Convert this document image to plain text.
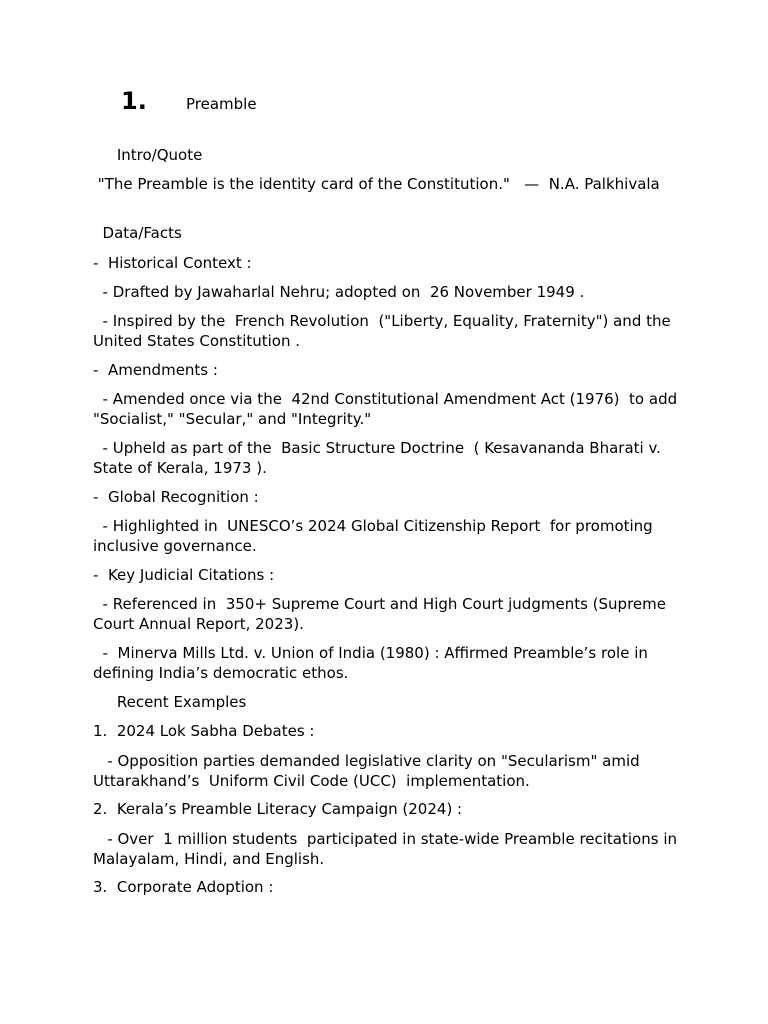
1.	Preamble

Intro/Quote

"The Preamble is the identity card of the Constitution."   —  N.A. Palkhivala

Data/Facts

-  Historical Context :

- Drafted by Jawaharlal Nehru; adopted on  26 November 1949 .

- Inspired by the  French Revolution  ("Liberty, Equality, Fraternity") and the  United States Constitution .

-  Amendments :

- Amended once via the  42nd Constitutional Amendment Act (1976)  to add "Socialist," "Secular," and "Integrity."

- Upheld as part of the  Basic Structure Doctrine  ( Kesavananda Bharati v. State of Kerala, 1973 ).

-  Global Recognition :

- Highlighted in  UNESCO’s 2024 Global Citizenship Report  for promoting inclusive governance.

-  Key Judicial Citations :

- Referenced in  350+ Supreme Court and High Court judgments (Supreme Court Annual Report, 2023).

-  Minerva Mills Ltd. v. Union of India (1980) : Affirmed Preamble’s role in defining India’s democratic ethos.

Recent Examples

1.  2024 Lok Sabha Debates :

- Opposition parties demanded legislative clarity on "Secularism" amid Uttarakhand’s  Uniform Civil Code (UCC)  implementation.

2.  Kerala’s Preamble Literacy Campaign (2024) :

- Over  1 million students  participated in state-wide Preamble recitations in Malayalam, Hindi, and English.

3.  Corporate Adoption :
